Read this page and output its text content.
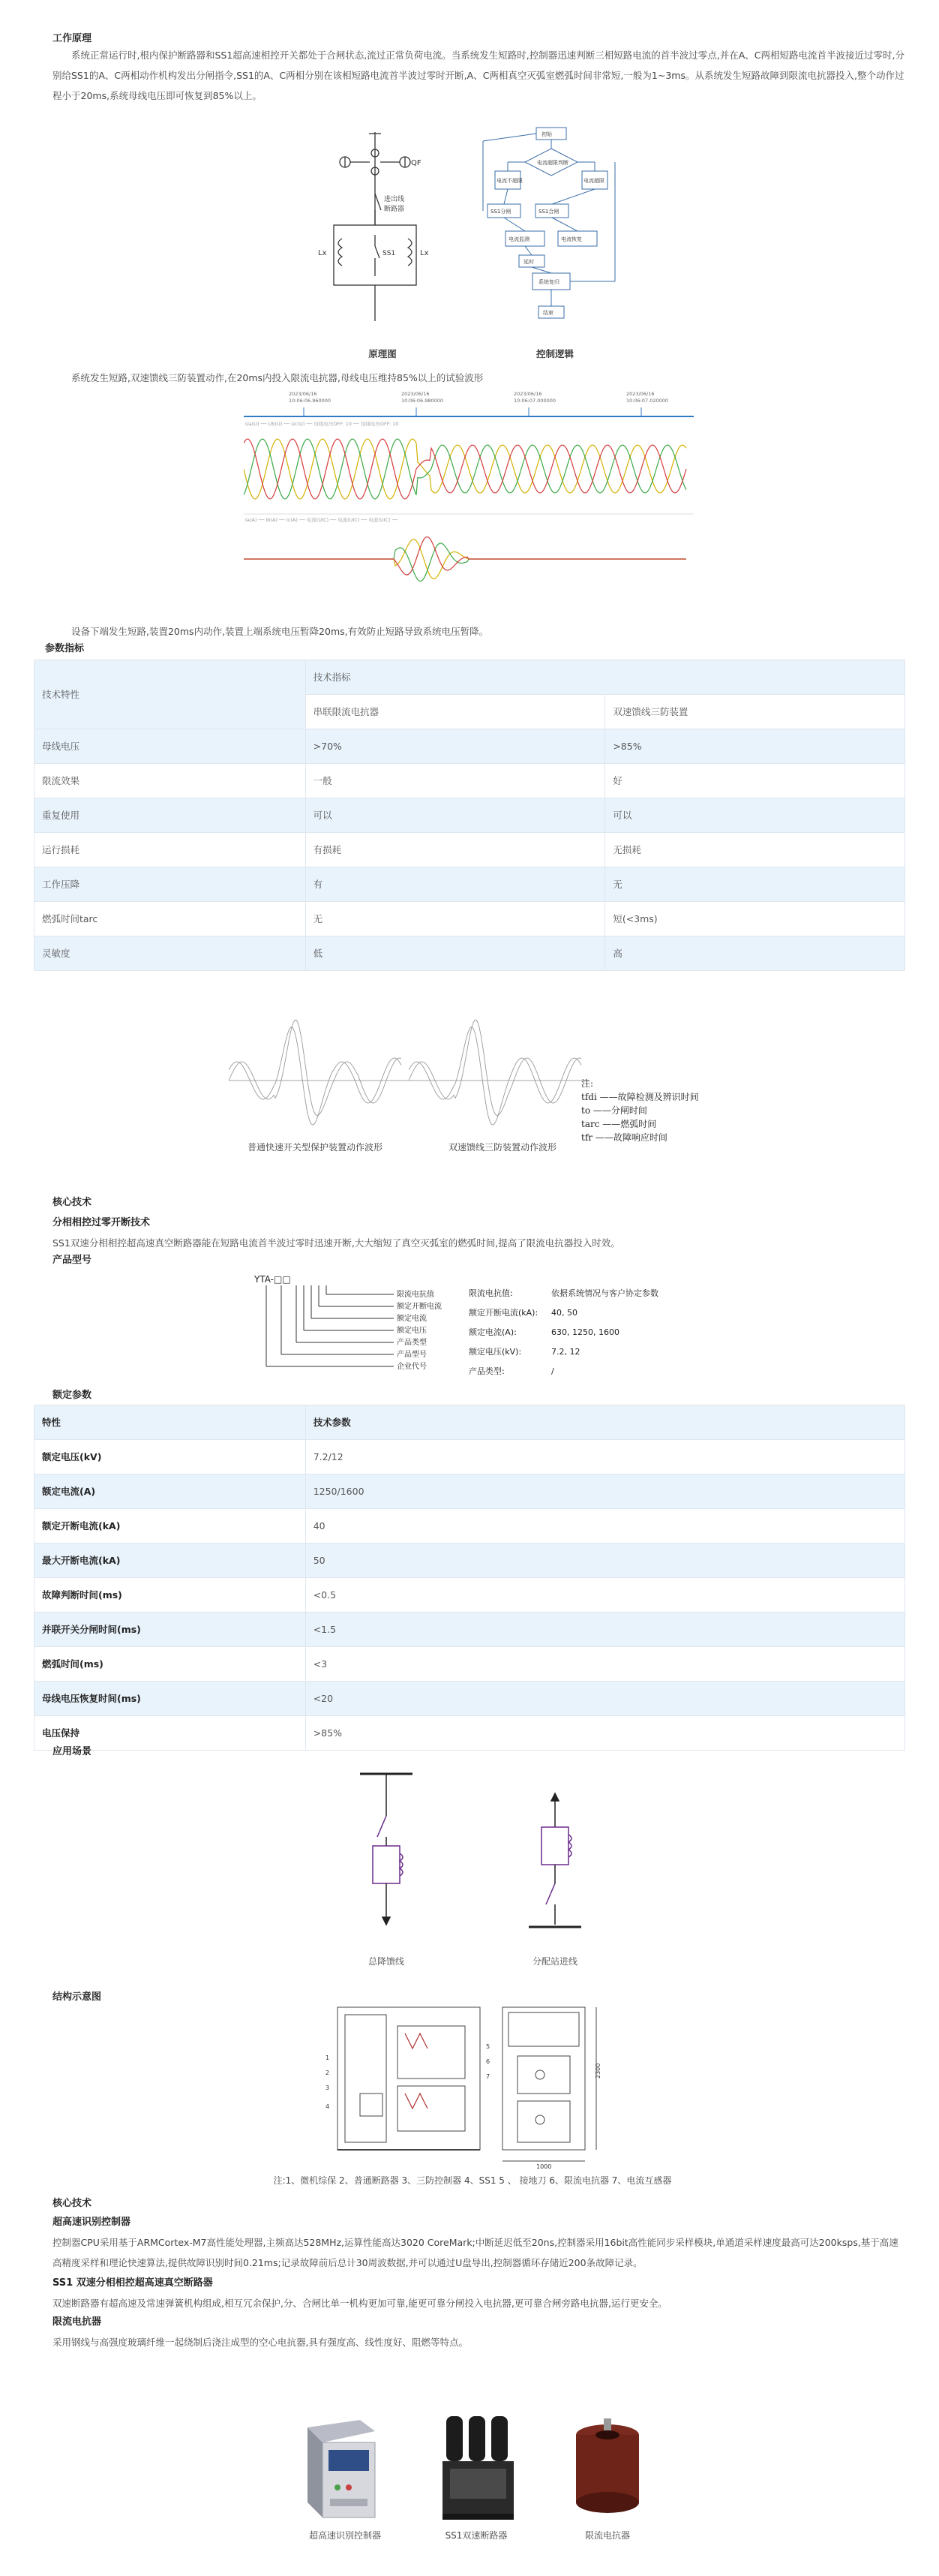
工作原理
系统正常运行时,根内保护断路器和SS1超高速相控开关都处于合闸状态,流过正常负荷电流。当系统发生短路时,控制器迅速判断三相短路电流的首半波过零点,并在A、C两相短路电流首半波接近过零时,分别给SS1的A、C两相动作机构发出分闸指令,SS1的A、C两相分别在该相短路电流首半波过零时开断,A、C两相真空灭弧室燃弧时间非常短,一般为1~3ms。从系统发生短路故障到限流电抗器投入,整个动作过程小于20ms,系统母线电压即可恢复到85%以上。
QF
进出线
断路器
Lx	Lx
SS1
原理图
初始
电流超限判断
电流不超限	电流超限
SS1分闸	SS1合闸
电流监测	电流恢复
延时
系统复归
结束
控制逻辑
系统发生短路,双速馈线三防装置动作,在20ms内投入限流电抗器,母线电压维持85%以上的试验波形
2023/06/16
10:06:06.960000
2023/06/16
10:06:06.980000
2023/06/16
10:06:07.000000
2023/06/16
10:06:07.020000
Ua(U) ── Ub(U) ── Uc(U) ── 母线电压OFF: 10 ── 母线电压OFF: 10
Ia(A) ── Ib(A) ── Ic(A) ── 电流(UIC) ── 电流(UIC) ── 电流(UIC) ──
设备下端发生短路,装置20ms内动作,装置上端系统电压暂降20ms,有效防止短路导致系统电压暂降。
参数指标
技术特性	技术指标	
	串联限流电抗器	双速馈线三防装置
母线电压	>70%	>85%
限流效果	一般	好
重复使用	可以	可以
运行损耗	有损耗	无损耗
工作压降	有	无
燃弧时间tarc	无	短(<3ms)
灵敏度	低	高
普通快速开关型保护装置动作波形	双速馈线三防装置动作波形
注:
tfdi ——故障检测及辨识时间
to ——分闸时间
tarc ——燃弧时间
tfr ——故障响应时间
核心技术
分相相控过零开断技术
SS1双速分相相控超高速真空断路器能在短路电流首半波过零时迅速开断,大大缩短了真空灭弧室的燃弧时间,提高了限流电抗器投入时效。
产品型号
YTA-□□
限流电抗值
额定开断电流
额定电流
额定电压
产品类型
产品型号
企业代号
限流电抗值:	依据系统情况与客户协定参数
额定开断电流(kA): 40, 50
额定电流(A):	630, 1250, 1600
额定电压(kV):	7.2, 12
产品类型:	/
额定参数
特性	技术参数
额定电压(kV)	7.2/12
额定电流(A)	1250/1600
额定开断电流(kA)	40
最大开断电流(kA)	50
故障判断时间(ms)	<0.5
并联开关分闸时间(ms)	<1.5
燃弧时间(ms)	<3
母线电压恢复时间(ms)	<20
电压保持	>85%
应用场景
总降馈线	分配站进线
结构示意图
1
2
3
4
5
6
7	2300
1000
注:1、微机综保 2、普通断路器 3、三防控制器 4、SS1 5 、 接地刀 6、限流电抗器 7、电流互感器
核心技术
超高速识别控制器
控制器CPU采用基于ARMCortex-M7高性能处理器,主频高达528MHz,运算性能高达3020 CoreMark;中断延迟低至20ns,控制器采用16bit高性能同步采样模块,单通道采样速度最高可达200ksps,基于高速高精度采样和理论快速算法,提供故障识别时间0.21ms;记录故障前后总计30周波数据,并可以通过U盘导出,控制器循环存储近200条故障记录。
SS1 双速分相相控超高速真空断路器
双速断路器有超高速及常速弹簧机构组成,相互冗余保护,分、合闸比单一机构更加可靠,能更可靠分闸投入电抗器,更可靠合闸旁路电抗器,运行更安全。
限流电抗器
采用钢线与高强度玻璃纤维一起绕制后浇注成型的空心电抗器,具有强度高、线性度好、阻燃等特点。
超高速识别控制器	SS1双速断路器	限流电抗器
